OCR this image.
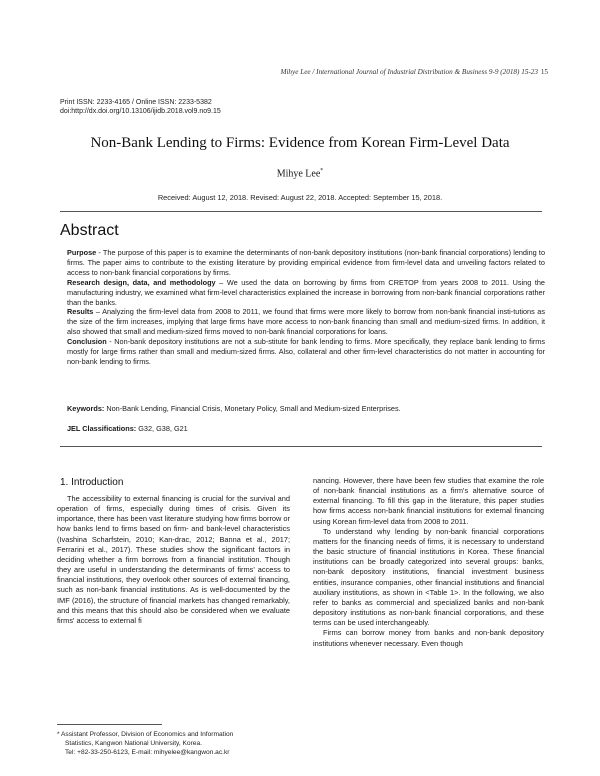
Mihye Lee / International Journal of Industrial Distribution & Business 9-9 (2018) 15-23 15
Print ISSN: 2233-4165 / Online ISSN: 2233-5382
doi:http://dx.doi.org/10.13106/ijidb.2018.vol9.no9.15
Non-Bank Lending to Firms: Evidence from Korean Firm-Level Data
Mihye Lee*
Received: August 12, 2018. Revised: August 22, 2018. Accepted: September 15, 2018.
Abstract

Purpose - The purpose of this paper is to examine the determinants of non-bank depository institutions (non-bank financial corporations) lending to firms. The paper aims to contribute to the existing literature by providing empirical evidence from firm-level data and unveiling factors related to access to non-bank financial corporations by firms.

Research design, data, and methodology – We used the data on borrowing by firms from CRETOP from years 2008 to 2011. Using the manufacturing industry, we examined what firm-level characteristics explained the increase in borrowing from non-bank financial corporations rather than the banks.

Results – Analyzing the firm-level data from 2008 to 2011, we found that firms were more likely to borrow from non-bank financial insti-tutions as the size of the firm increases, implying that large firms have more access to non-bank financing than small and medium-sized firms. In addition, it also showed that small and medium-sized firms moved to non-bank financial corporations for loans.

Conclusion - Non-bank depository institutions are not a sub-stitute for bank lending to firms. More specifically, they replace bank lending to firms mostly for large firms rather than small and medium-sized firms. Also, collateral and other firm-level characteristics do not matter in accounting for non-bank lending to firms.

Keywords: Non-Bank Lending, Financial Crisis, Monetary Policy, Small and Medium-sized Enterprises.
JEL Classifications: G32, G38, G21
1. Introduction

The accessibility to external financing is crucial for the survival and operation of firms, especially during times of crisis. Given its importance, there has been vast literature studying how firms borrow or how banks lend to firms based on firm- and bank-level characteristics (Ivashina Scharfstein, 2010; Kan-drac, 2012; Banna et al., 2017; Ferrarini et al., 2017). These studies show the significant factors in deciding whether a firm borrows from a financial institution. Though they are useful in understanding the determinants of firms' access to financial institutions, they overlook other sources of external financing, such as non-bank financial institutions. As is well-documented by the IMF (2016), the structure of financial markets has changed remarkably, and this means that this should also be considered when we evaluate firms' access to external fi

nancing. However, there have been few studies that examine the role of non-bank financial institutions as a firm's alternative source of external financing. To fill this gap in the literature, this paper studies how firms access non-bank financial institutions for external financing using Korean firm-level data from 2008 to 2011.

To understand why lending by non-bank financial corporations matters for the financing needs of firms, it is necessary to understand the basic structure of financial institutions in Korea. These financial institutions can be broadly categorized into several groups: banks, non-bank depository institutions, financial investment business entities, insurance companies, other financial institutions and financial auxiliary institutions, as shown in <Table 1>. In the following, we also refer to banks as commercial and specialized banks and non-bank depository institutions as non-bank financial corporations, and these terms can be used interchangeably.

Firms can borrow money from banks and non-bank depository institutions whenever necessary. Even though

* Assistant Professor, Division of Economics and Information
Statistics, Kangwon National University, Korea.
Tel: +82-33-250-6123, E-mail: mihyelee@kangwon.ac.kr
